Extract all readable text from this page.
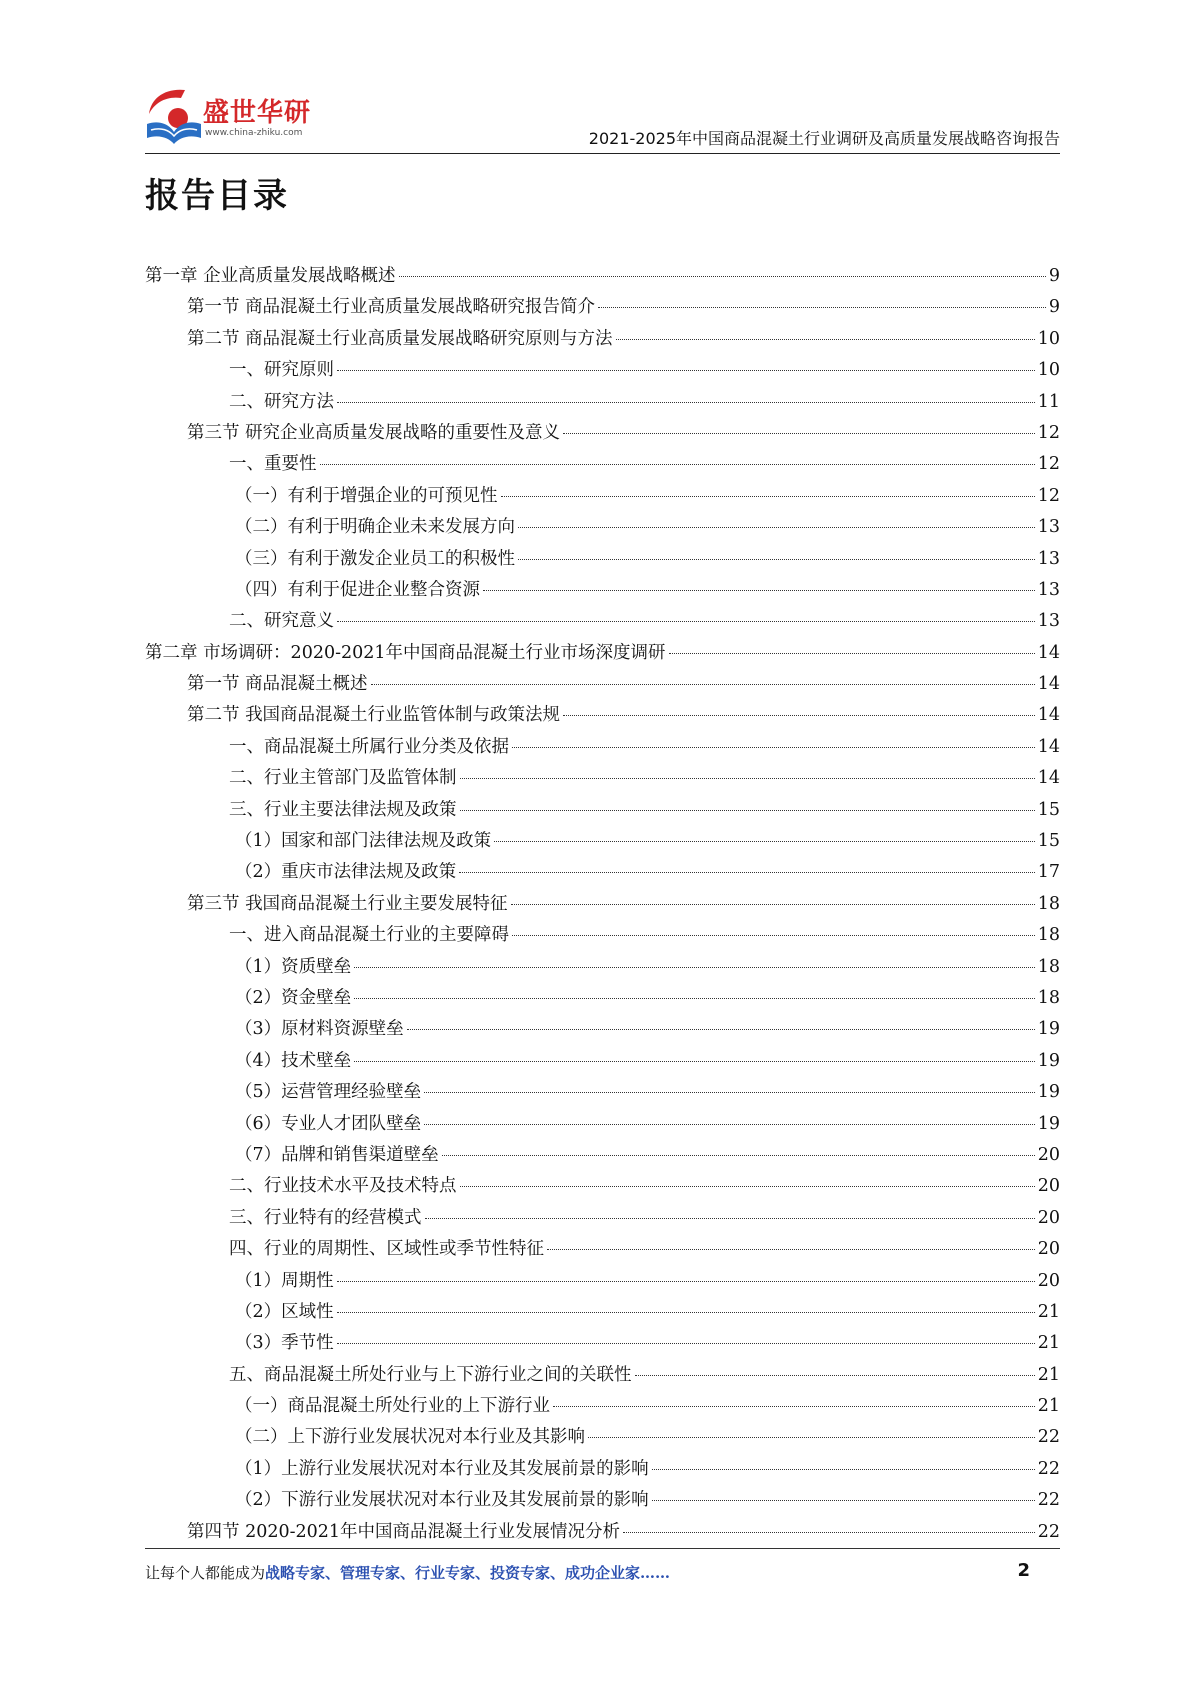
盛世华研
www.china-zhiku.com	2021-2025年中国商品混凝土行业调研及高质量发展战略咨询报告
报告目录
第一章 企业高质量发展战略概述	9
第一节 商品混凝土行业高质量发展战略研究报告简介	9
第二节 商品混凝土行业高质量发展战略研究原则与方法	10
一、研究原则	10
二、研究方法	11
第三节 研究企业高质量发展战略的重要性及意义	12
一、重要性	12
（一）有利于增强企业的可预见性	12
（二）有利于明确企业未来发展方向	13
（三）有利于激发企业员工的积极性	13
（四）有利于促进企业整合资源	13
二、研究意义	13
第二章 市场调研：2020-2021年中国商品混凝土行业市场深度调研	14
第一节 商品混凝土概述	14
第二节 我国商品混凝土行业监管体制与政策法规	14
一、商品混凝土所属行业分类及依据	14
二、行业主管部门及监管体制	14
三、行业主要法律法规及政策	15
（1）国家和部门法律法规及政策	15
（2）重庆市法律法规及政策	17
第三节 我国商品混凝土行业主要发展特征	18
一、进入商品混凝土行业的主要障碍	18
（1）资质壁垒	18
（2）资金壁垒	18
（3）原材料资源壁垒	19
（4）技术壁垒	19
（5）运营管理经验壁垒	19
（6）专业人才团队壁垒	19
（7）品牌和销售渠道壁垒	20
二、行业技术水平及技术特点	20
三、行业特有的经营模式	20
四、行业的周期性、区域性或季节性特征	20
（1）周期性	20
（2）区域性	21
（3）季节性	21
五、商品混凝土所处行业与上下游行业之间的关联性	21
（一）商品混凝土所处行业的上下游行业	21
（二）上下游行业发展状况对本行业及其影响	22
（1）上游行业发展状况对本行业及其发展前景的影响	22
（2）下游行业发展状况对本行业及其发展前景的影响	22
第四节 2020-2021年中国商品混凝土行业发展情况分析	22
让每个人都能成为战略专家、管理专家、行业专家、投资专家、成功企业家……	2
